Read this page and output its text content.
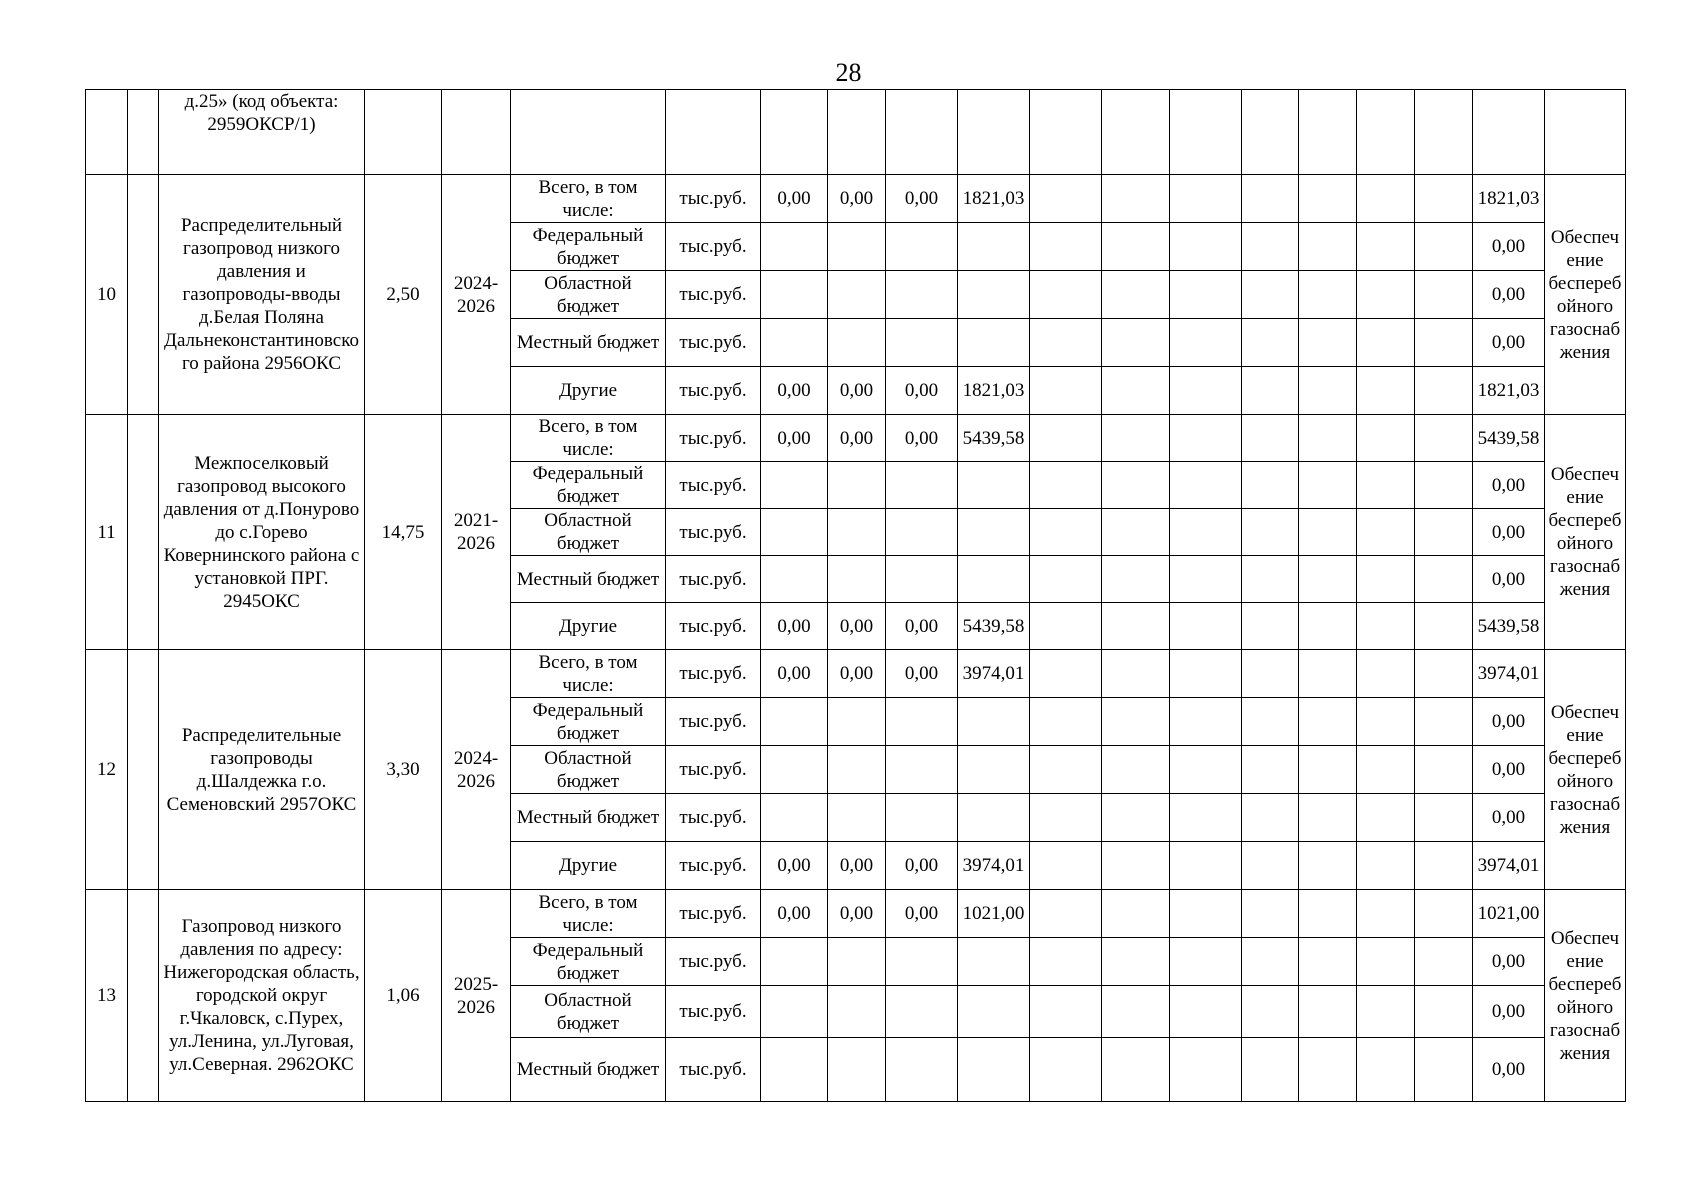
28
		д.25» (код объекта: 2959ОКСР/1)																	
10		Распределительный газопровод низкого давления и газопроводы-вводы д.Белая Поляна Дальнеконстантиновского района 2956ОКС	2,50	2024-2026	Всего, в том числе:	тыс.руб.	0,00	0,00	0,00	1821,03								1821,03	Обеспечение бесперебойного газоснабжения
					Федеральный бюджет	тыс.руб.												0,00	
					Областной бюджет	тыс.руб.												0,00	
					Местный бюджет	тыс.руб.												0,00	
					Другие	тыс.руб.	0,00	0,00	0,00	1821,03								1821,03	
11		Межпоселковый газопровод высокого давления от д.Понурово до с.Горево Ковернинского района с установкой ПРГ. 2945ОКС	14,75	2021-2026	Всего, в том числе:	тыс.руб.	0,00	0,00	0,00	5439,58								5439,58	Обеспечение бесперебойного газоснабжения
					Федеральный бюджет	тыс.руб.												0,00	
					Областной бюджет	тыс.руб.												0,00	
					Местный бюджет	тыс.руб.												0,00	
					Другие	тыс.руб.	0,00	0,00	0,00	5439,58								5439,58	
12		Распределительные газопроводы д.Шалдежка г.о. Семеновский 2957ОКС	3,30	2024-2026	Всего, в том числе:	тыс.руб.	0,00	0,00	0,00	3974,01								3974,01	Обеспечение бесперебойного газоснабжения
					Федеральный бюджет	тыс.руб.												0,00	
					Областной бюджет	тыс.руб.												0,00	
					Местный бюджет	тыс.руб.												0,00	
					Другие	тыс.руб.	0,00	0,00	0,00	3974,01								3974,01	
13		Газопровод низкого давления по адресу: Нижегородская область, городской округ г.Чкаловск, с.Пурех, ул.Ленина, ул.Луговая, ул.Северная. 2962ОКС	1,06	2025-2026	Всего, в том числе:	тыс.руб.	0,00	0,00	0,00	1021,00								1021,00	Обеспечение бесперебойного газоснабжения
					Федеральный бюджет	тыс.руб.												0,00	
					Областной бюджет	тыс.руб.												0,00	
					Местный бюджет	тыс.руб.												0,00	
